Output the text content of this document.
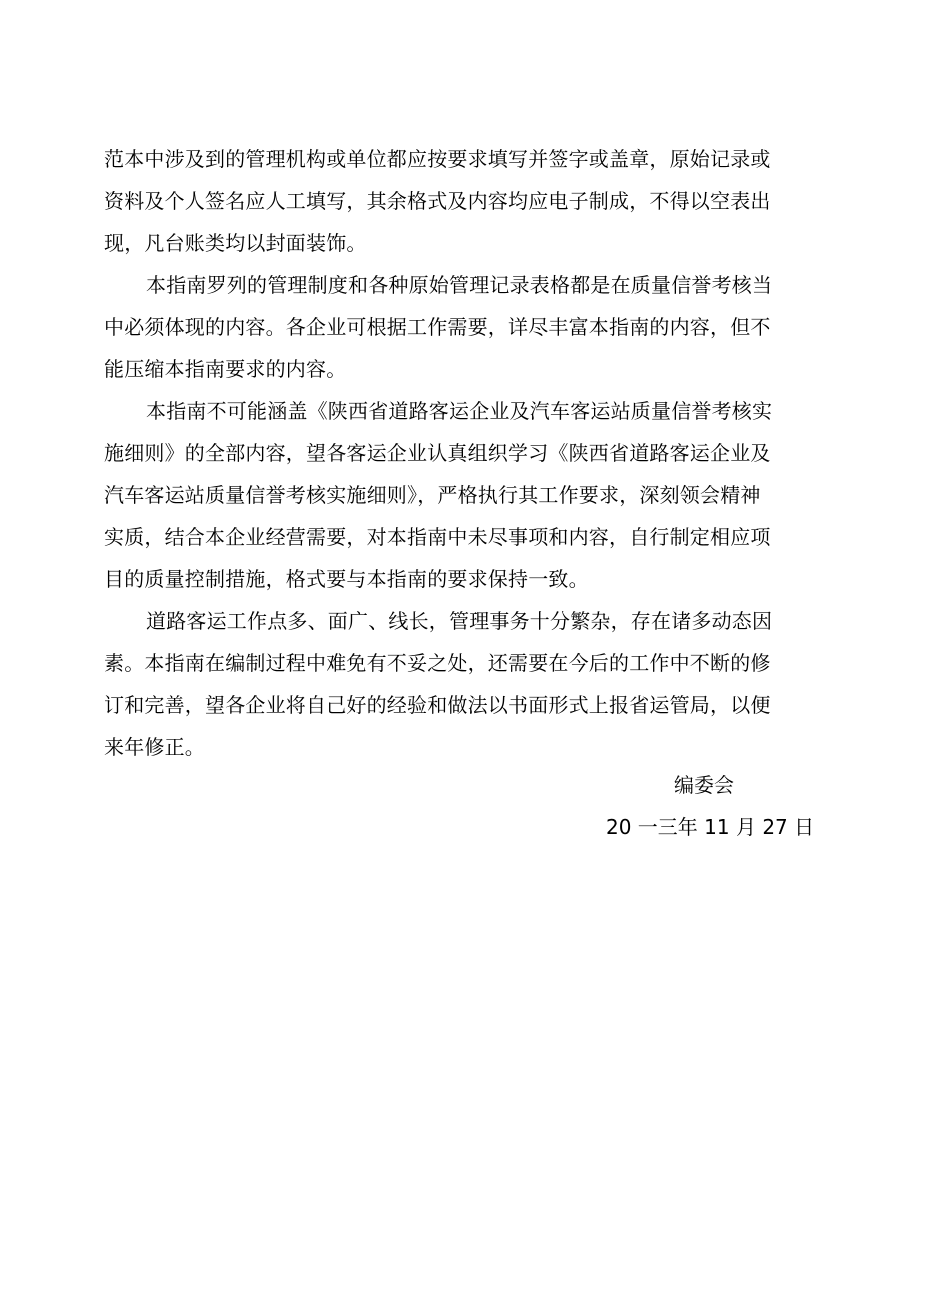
范本中涉及到的管理机构或单位都应按要求填写并签字或盖章，原始记录或
资料及个人签名应人工填写，其余格式及内容均应电子制成，不得以空表出
现，凡台账类均以封面装饰。
本指南罗列的管理制度和各种原始管理记录表格都是在质量信誉考核当
中必须体现的内容。各企业可根据工作需要，详尽丰富本指南的内容，但不
能压缩本指南要求的内容。
本指南不可能涵盖《陕西省道路客运企业及汽车客运站质量信誉考核实
施细则》的全部内容，望各客运企业认真组织学习《陕西省道路客运企业及
汽车客运站质量信誉考核实施细则》，严格执行其工作要求，深刻领会精神
实质，结合本企业经营需要，对本指南中未尽事项和内容，自行制定相应项
目的质量控制措施，格式要与本指南的要求保持一致。
道路客运工作点多、面广、线长，管理事务十分繁杂，存在诸多动态因
素。本指南在编制过程中难免有不妥之处，还需要在今后的工作中不断的修
订和完善，望各企业将自己好的经验和做法以书面形式上报省运管局，以便
来年修正。
编委会
20 一三年 11 月 27 日
